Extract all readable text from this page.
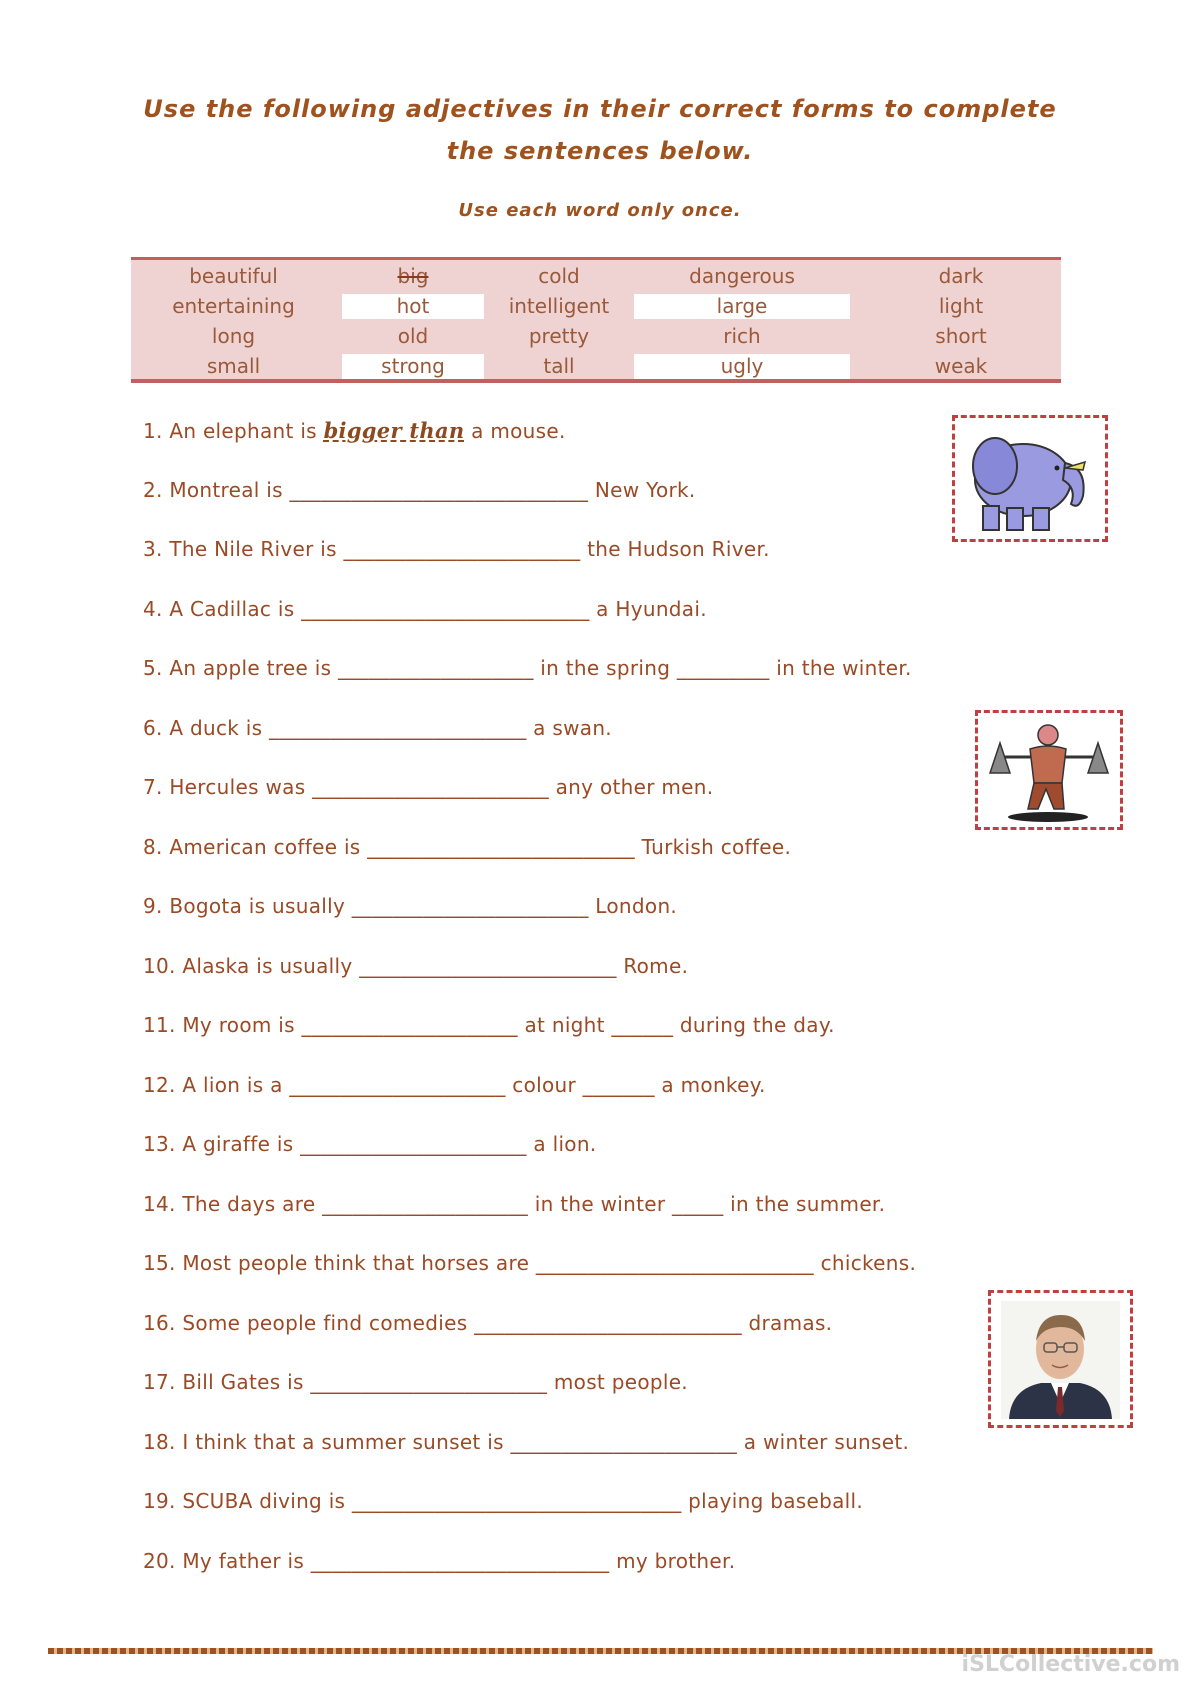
Use the following adjectives in their correct forms to complete
the sentences below.
Use each word only once.
beautiful	big	cold	dangerous	dark
entertaining	hot	intelligent	large	light
long	old	pretty	rich	short
small	strong	tall	ugly	weak
1. An elephant is bigger than a mouse.
2. Montreal is _____________________________ New York.
3. The Nile River is _______________________ the Hudson River.
4. A Cadillac is ____________________________ a Hyundai.
5. An apple tree is ___________________ in the spring _________ in the winter.
6. A duck is _________________________ a swan.
7. Hercules was _______________________ any other men.
8. American coffee is __________________________ Turkish coffee.
9. Bogota is usually _______________________ London.
10. Alaska is usually _________________________ Rome.
11. My room is _____________________ at night ______ during the day.
12. A lion is a _____________________ colour _______ a monkey.
13. A giraffe is ______________________ a lion.
14. The days are ____________________ in the winter _____ in the summer.
15. Most people think that horses are ___________________________ chickens.
16. Some people find comedies __________________________ dramas.
17. Bill Gates is _______________________ most people.
18. I think that a summer sunset is ______________________ a winter sunset.
19. SCUBA diving is ________________________________ playing baseball.
20. My father is _____________________________ my brother.
iSLCollective.com
